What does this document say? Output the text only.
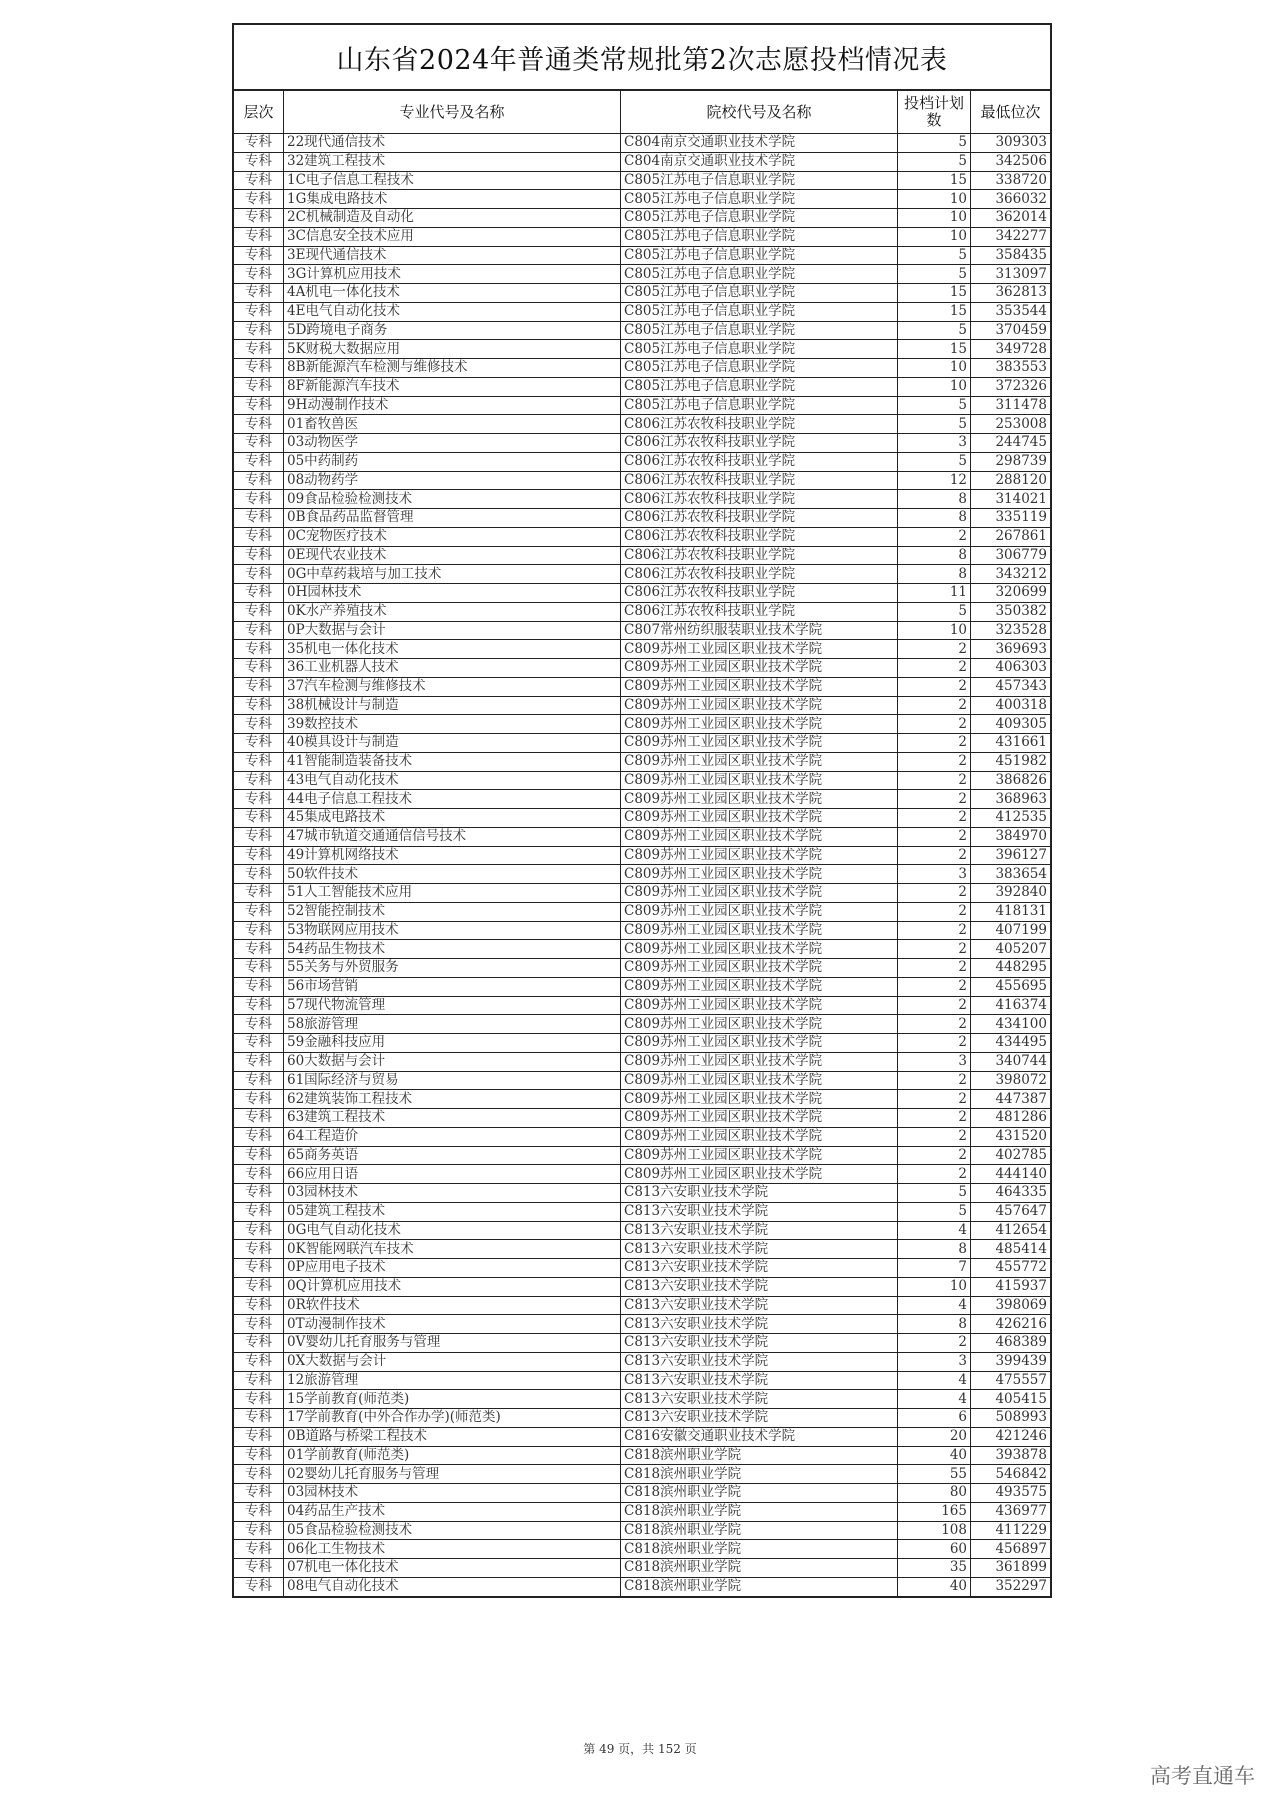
山东省2024年普通类常规批第2次志愿投档情况表
层次	专业代号及名称	院校代号及名称	投档计划数	最低位次
专科	22现代通信技术	C804南京交通职业技术学院	5	309303
专科	32建筑工程技术	C804南京交通职业技术学院	5	342506
专科	1C电子信息工程技术	C805江苏电子信息职业学院	15	338720
专科	1G集成电路技术	C805江苏电子信息职业学院	10	366032
专科	2C机械制造及自动化	C805江苏电子信息职业学院	10	362014
专科	3C信息安全技术应用	C805江苏电子信息职业学院	10	342277
专科	3E现代通信技术	C805江苏电子信息职业学院	5	358435
专科	3G计算机应用技术	C805江苏电子信息职业学院	5	313097
专科	4A机电一体化技术	C805江苏电子信息职业学院	15	362813
专科	4E电气自动化技术	C805江苏电子信息职业学院	15	353544
专科	5D跨境电子商务	C805江苏电子信息职业学院	5	370459
专科	5K财税大数据应用	C805江苏电子信息职业学院	15	349728
专科	8B新能源汽车检测与维修技术	C805江苏电子信息职业学院	10	383553
专科	8F新能源汽车技术	C805江苏电子信息职业学院	10	372326
专科	9H动漫制作技术	C805江苏电子信息职业学院	5	311478
专科	01畜牧兽医	C806江苏农牧科技职业学院	5	253008
专科	03动物医学	C806江苏农牧科技职业学院	3	244745
专科	05中药制药	C806江苏农牧科技职业学院	5	298739
专科	08动物药学	C806江苏农牧科技职业学院	12	288120
专科	09食品检验检测技术	C806江苏农牧科技职业学院	8	314021
专科	0B食品药品监督管理	C806江苏农牧科技职业学院	8	335119
专科	0C宠物医疗技术	C806江苏农牧科技职业学院	2	267861
专科	0E现代农业技术	C806江苏农牧科技职业学院	8	306779
专科	0G中草药栽培与加工技术	C806江苏农牧科技职业学院	8	343212
专科	0H园林技术	C806江苏农牧科技职业学院	11	320699
专科	0K水产养殖技术	C806江苏农牧科技职业学院	5	350382
专科	0P大数据与会计	C807常州纺织服装职业技术学院	10	323528
专科	35机电一体化技术	C809苏州工业园区职业技术学院	2	369693
专科	36工业机器人技术	C809苏州工业园区职业技术学院	2	406303
专科	37汽车检测与维修技术	C809苏州工业园区职业技术学院	2	457343
专科	38机械设计与制造	C809苏州工业园区职业技术学院	2	400318
专科	39数控技术	C809苏州工业园区职业技术学院	2	409305
专科	40模具设计与制造	C809苏州工业园区职业技术学院	2	431661
专科	41智能制造装备技术	C809苏州工业园区职业技术学院	2	451982
专科	43电气自动化技术	C809苏州工业园区职业技术学院	2	386826
专科	44电子信息工程技术	C809苏州工业园区职业技术学院	2	368963
专科	45集成电路技术	C809苏州工业园区职业技术学院	2	412535
专科	47城市轨道交通通信信号技术	C809苏州工业园区职业技术学院	2	384970
专科	49计算机网络技术	C809苏州工业园区职业技术学院	2	396127
专科	50软件技术	C809苏州工业园区职业技术学院	3	383654
专科	51人工智能技术应用	C809苏州工业园区职业技术学院	2	392840
专科	52智能控制技术	C809苏州工业园区职业技术学院	2	418131
专科	53物联网应用技术	C809苏州工业园区职业技术学院	2	407199
专科	54药品生物技术	C809苏州工业园区职业技术学院	2	405207
专科	55关务与外贸服务	C809苏州工业园区职业技术学院	2	448295
专科	56市场营销	C809苏州工业园区职业技术学院	2	455695
专科	57现代物流管理	C809苏州工业园区职业技术学院	2	416374
专科	58旅游管理	C809苏州工业园区职业技术学院	2	434100
专科	59金融科技应用	C809苏州工业园区职业技术学院	2	434495
专科	60大数据与会计	C809苏州工业园区职业技术学院	3	340744
专科	61国际经济与贸易	C809苏州工业园区职业技术学院	2	398072
专科	62建筑装饰工程技术	C809苏州工业园区职业技术学院	2	447387
专科	63建筑工程技术	C809苏州工业园区职业技术学院	2	481286
专科	64工程造价	C809苏州工业园区职业技术学院	2	431520
专科	65商务英语	C809苏州工业园区职业技术学院	2	402785
专科	66应用日语	C809苏州工业园区职业技术学院	2	444140
专科	03园林技术	C813六安职业技术学院	5	464335
专科	05建筑工程技术	C813六安职业技术学院	5	457647
专科	0G电气自动化技术	C813六安职业技术学院	4	412654
专科	0K智能网联汽车技术	C813六安职业技术学院	8	485414
专科	0P应用电子技术	C813六安职业技术学院	7	455772
专科	0Q计算机应用技术	C813六安职业技术学院	10	415937
专科	0R软件技术	C813六安职业技术学院	4	398069
专科	0T动漫制作技术	C813六安职业技术学院	8	426216
专科	0V婴幼儿托育服务与管理	C813六安职业技术学院	2	468389
专科	0X大数据与会计	C813六安职业技术学院	3	399439
专科	12旅游管理	C813六安职业技术学院	4	475557
专科	15学前教育(师范类)	C813六安职业技术学院	4	405415
专科	17学前教育(中外合作办学)(师范类)	C813六安职业技术学院	6	508993
专科	0B道路与桥梁工程技术	C816安徽交通职业技术学院	20	421246
专科	01学前教育(师范类)	C818滨州职业学院	40	393878
专科	02婴幼儿托育服务与管理	C818滨州职业学院	55	546842
专科	03园林技术	C818滨州职业学院	80	493575
专科	04药品生产技术	C818滨州职业学院	165	436977
专科	05食品检验检测技术	C818滨州职业学院	108	411229
专科	06化工生物技术	C818滨州职业学院	60	456897
专科	07机电一体化技术	C818滨州职业学院	35	361899
专科	08电气自动化技术	C818滨州职业学院	40	352297
第 49 页，共 152 页
高考直通车
